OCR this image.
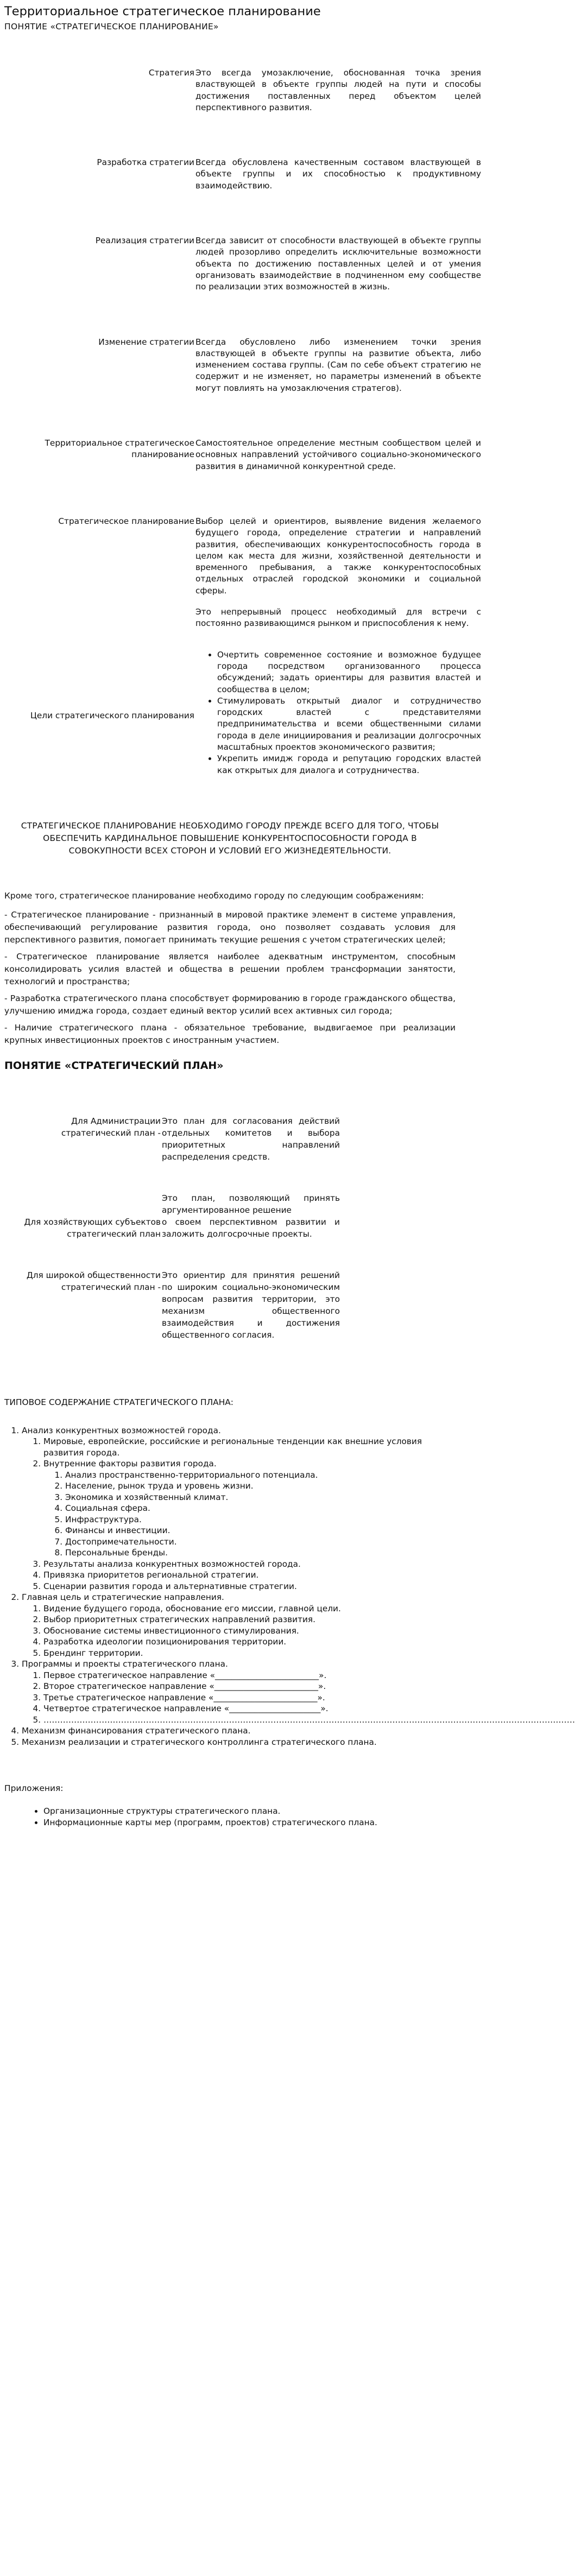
Территориальное стратегическое планирование
ПОНЯТИЕ «СТРАТЕГИЧЕСКОЕ ПЛАНИРОВАНИЕ»
Стратегия Это всегда умозаключение, обоснованная точка зрения властвующей в объекте группы людей на пути и способы достижения поставленных перед объектом целей перспективного развития.

Разработка стратегии Всегда обусловлена качественным составом властвующей в объекте группы и их способностью к продуктивному взаимодействию.

Реализация стратегии Всегда зависит от способности властвующей в объекте группы людей прозорливо определить исключительные возможности объекта по достижению поставленных целей и от умения организовать взаимодействие в подчиненном ему сообществе по реализации этих возможностей в жизнь.

Изменение стратегии Всегда обусловлено либо изменением точки зрения властвующей в объекте группы на развитие объекта, либо изменением состава группы. (Сам по себе объект стратегию не содержит и не изменяет, но параметры изменений в объекте могут повлиять на умозаключения стратегов).

Территориальное стратегическое планирование

Самостоятельное определение местным сообществом целей и основных направлений устойчивого социально-экономического развития в динамичной конкурентной среде.

Стратегическое планирование Выбор целей и ориентиров, выявление видения желаемого будущего города, определение стратегии и направлений развития, обеспечивающих конкурентоспособность города в целом как места для жизни, хозяйственной деятельности и временного пребывания, а также конкурентоспособных отдельных отраслей городской экономики и социальной сферы.

Это непрерывный процесс необходимый для встречи с постоянно развивающимся рынком и приспособления к нему.

Цели стратегического планирования
• Очертить современное состояние и возможное будущее города посредством организованного процесса обсуждений; задать ориентиры для развития властей и сообщества в целом;
• Стимулировать открытый диалог и сотрудничество городских властей с представителями предпринимательства и всеми общественными силами города в деле инициирования и реализации долгосрочных масштабных проектов экономического развития;
• Укрепить имидж города и репутацию городских властей как открытых для диалога и сотрудничества.
СТРАТЕГИЧЕСКОЕ ПЛАНИРОВАНИЕ НЕОБХОДИМО ГОРОДУ ПРЕЖДЕ ВСЕГО ДЛЯ ТОГО, ЧТОБЫ ОБЕСПЕЧИТЬ КАРДИНАЛЬНОЕ ПОВЫШЕНИЕ КОНКУРЕНТОСПОСОБНОСТИ ГОРОДА В СОВОКУПНОСТИ ВСЕХ СТОРОН И УСЛОВИЙ ЕГО ЖИЗНЕДЕЯТЕЛЬНОСТИ.
Кроме того, стратегическое планирование необходимо городу по следующим соображениям:
- Стратегическое планирование - признанный в мировой практике элемент в системе управления, обеспечивающий регулирование развития города, оно позволяет создавать условия для перспективного развития, помогает принимать текущие решения с учетом стратегических целей;
- Стратегическое планирование является наиболее адекватным инструментом, способным консолидировать усилия властей и общества в решении проблем трансформации занятости, технологий и пространства;
- Разработка стратегического плана способствует формированию в городе гражданского общества, улучшению имиджа города, создает единый вектор усилий всех активных сил города;
- Наличие стратегического плана - обязательное требование, выдвигаемое при реализации крупных инвестиционных проектов с иностранным участием.
ПОНЯТИЕ «СТРАТЕГИЧЕСКИЙ ПЛАН»
Для Администрации стратегический план -

Это план для согласования действий отдельных комитетов и выбора приоритетных направлений распределения средств.

Для хозяйствующих субъектов стратегический план

Это план, позволяющий принять аргументированное решение

о своем перспективном развитии и заложить долгосрочные проекты.

Для широкой общественности стратегический план -

Это ориентир для принятия решений по широким социально-экономическим вопросам развития территории, это механизм общественного взаимодействия и достижения общественного согласия.

ТИПОВОЕ СОДЕРЖАНИЕ СТРАТЕГИЧЕСКОГО ПЛАНА:
1. Анализ конкурентных возможностей города.
1. Мировые, европейские, российские и региональные тенденции как внешние условия развития города.
2. Внутренние факторы развития города.
1. Анализ пространственно-территориального потенциала.
2. Население, рынок труда и уровень жизни.
3. Экономика и хозяйственный климат.
4. Социальная сфера.
5. Инфраструктура.
6. Финансы и инвестиции.
7. Достопримечательности.
8. Персональные бренды.
3. Результаты анализа конкурентных возможностей города.
4. Привязка приоритетов региональной стратегии.
5. Сценарии развития города и альтернативные стратегии.
2. Главная цель и стратегические направления.
1. Видение будущего города, обоснование его миссии, главной цели.
2. Выбор приоритетных стратегических направлений развития.
3. Обоснование системы инвестиционного стимулирования.
4. Разработка идеологии позиционирования территории.
5. Брендинг территории.
3. Программы и проекты стратегического плана.
1. Первое стратегическое направление «_________________________».
2. Второе стратегическое направление «_________________________».
3. Третье стратегическое направление «_________________________».
4. Четвертое стратегическое направление «______________________».
5. …………………………………………………………………………………………………………………………………………………………………………
4. Механизм финансирования стратегического плана.
5. Механизм реализации и стратегического контроллинга стратегического плана.
Приложения:
• Организационные структуры стратегического плана.
• Информационные карты мер (программ, проектов) стратегического плана.
